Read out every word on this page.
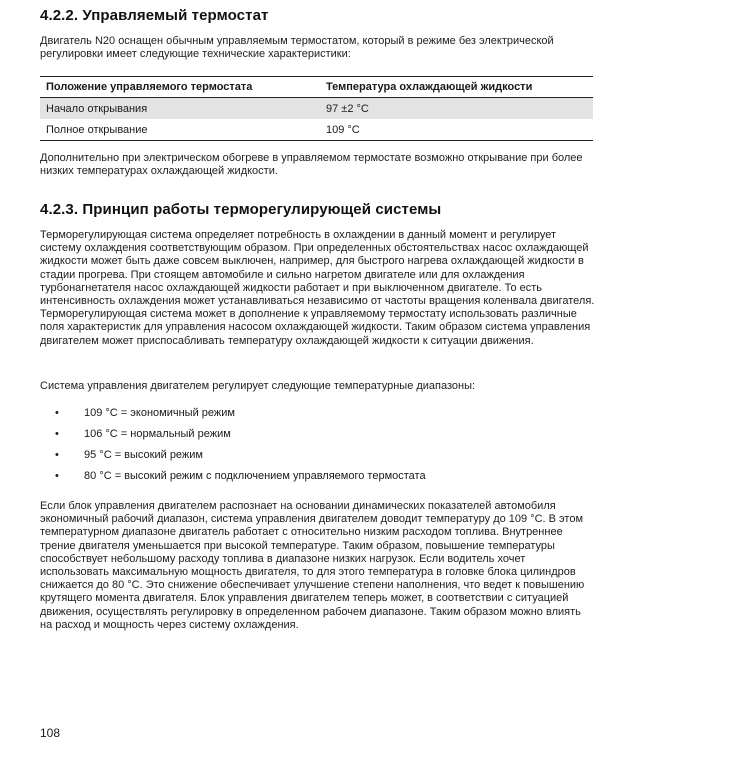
4.2.2. Управляемый термостат

Двигатель N20 оснащен обычным управляемым термостатом, который в режиме без электрической регулировки имеет следующие технические характеристики:

Положение управляемого термостата	Температура охлаждающей жидкости
Начало открывания	97 ±2 °C
Полное открывание	109 °C

Дополнительно при электрическом обогреве в управляемом термостате возможно открывание при более низких температурах охлаждающей жидкости.

4.2.3. Принцип работы терморегулирующей системы

Терморегулирующая система определяет потребность в охлаждении в данный момент и регулирует систему охлаждения соответствующим образом. При определенных обстоятельствах насос охлаждающей жидкости может быть даже совсем выключен, например, для быстрого нагрева охлаждающей жидкости в стадии прогрева. При стоящем автомобиле и сильно нагретом двигателе или для охлаждения турбонагнетателя насос охлаждающей жидкости работает и при выключенном двигателе. То есть интенсивность охлаждения может устанавливаться независимо от частоты вращения коленвала двигателя. Терморегулирующая система может в дополнение к управляемому термостату использовать различные поля характеристик для управления насосом охлаждающей жидкости. Таким образом система управления двигателем может приспосабливать температуру охлаждающей жидкости к ситуации движения.

Система управления двигателем регулирует следующие температурные диапазоны:

• 109 °C = экономичный режим
• 106 °C = нормальный режим
• 95 °C = высокий режим
• 80 °C = высокий режим с подключением управляемого термостата

Если блок управления двигателем распознает на основании динамических показателей автомобиля экономичный рабочий диапазон, система управления двигателем доводит температуру до 109 °C. В этом температурном диапазоне двигатель работает с относительно низким расходом топлива. Внутреннее трение двигателя уменьшается при высокой температуре. Таким образом, повышение температуры способствует небольшому расходу топлива в диапазоне низких нагрузок. Если водитель хочет использовать максимальную мощность двигателя, то для этого температура в головке блока цилиндров снижается до 80 °C. Это снижение обеспечивает улучшение степени наполнения, что ведет к повышению крутящего момента двигателя. Блок управления двигателем теперь может, в соответствии с ситуацией движения, осуществлять регулировку в определенном рабочем диапазоне. Таким образом можно влиять на расход и мощность через систему охлаждения.

108
